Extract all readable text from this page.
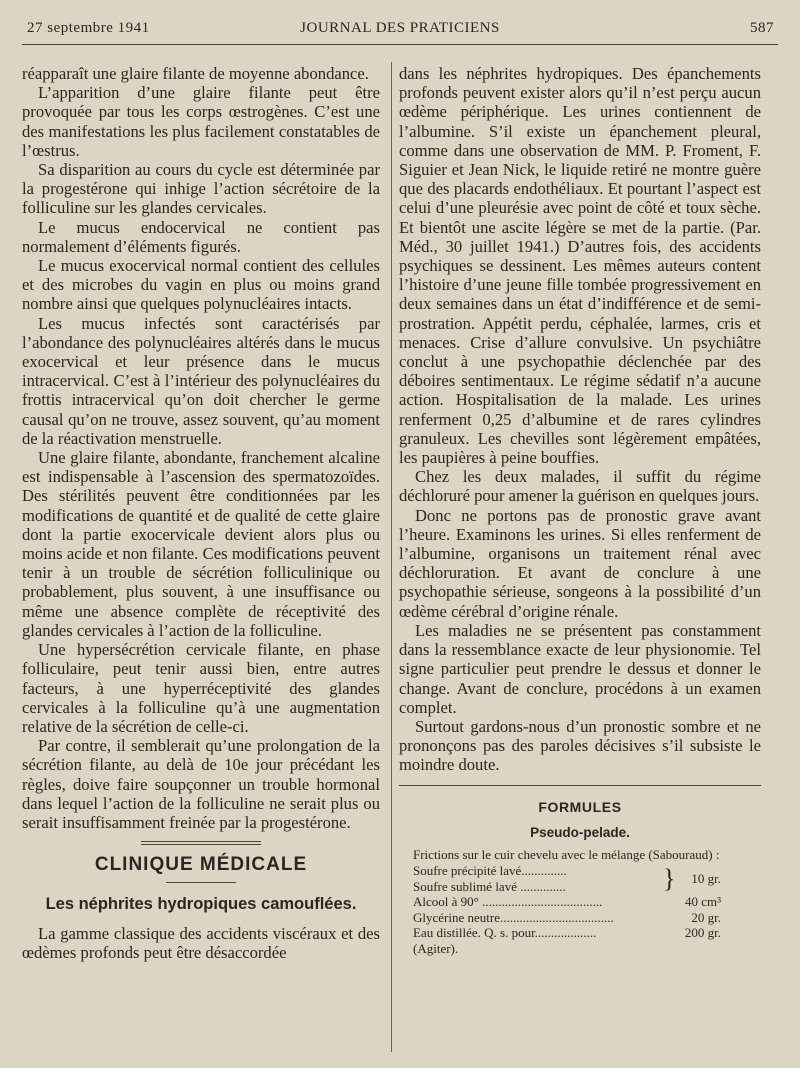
27 septembre 1941	JOURNAL DES PRATICIENS	587

réapparaît une glaire filante de moyenne abondance.

L’apparition d’une glaire filante peut être provoquée par tous les corps œstrogènes. C’est une des manifestations les plus facilement constatables de l’œstrus.

Sa disparition au cours du cycle est déterminée par la progestérone qui inhige l’action sécrétoire de la folliculine sur les glandes cervicales.

Le mucus endocervical ne contient pas normalement d’éléments figurés.

Le mucus exocervical normal contient des cellules et des microbes du vagin en plus ou moins grand nombre ainsi que quelques polynucléaires intacts.

Les mucus infectés sont caractérisés par l’abondance des polynucléaires altérés dans le mucus exocervical et leur présence dans le mucus intracervical. C’est à l’intérieur des polynucléaires du frottis intracervical qu’on doit chercher le germe causal qu’on ne trouve, assez souvent, qu’au moment de la réactivation menstruelle.

Une glaire filante, abondante, franchement alcaline est indispensable à l’ascension des spermatozoïdes. Des stérilités peuvent être conditionnées par les modifications de quantité et de qualité de cette glaire dont la partie exocervicale devient alors plus ou moins acide et non filante. Ces modifications peuvent tenir à un trouble de sécrétion folliculinique ou probablement, plus souvent, à une insuffisance ou même une absence complète de réceptivité des glandes cervicales à l’action de la folliculine.

Une hypersécrétion cervicale filante, en phase folliculaire, peut tenir aussi bien, entre autres facteurs, à une hyperréceptivité des glandes cervicales à la folliculine qu’à une augmentation relative de la sécrétion de celle-ci.

Par contre, il semblerait qu’une prolongation de la sécrétion filante, au delà de 10e jour précédant les règles, doive faire soupçonner un trouble hormonal dans lequel l’action de la folliculine ne serait plus ou serait insuffisamment freinée par la progestérone.

CLINIQUE MÉDICALE
Les néphrites hydropiques camouflées.

La gamme classique des accidents viscéraux et des œdèmes profonds peut être désaccordée

dans les néphrites hydropiques. Des épanchements profonds peuvent exister alors qu’il n’est perçu aucun œdème périphérique. Les urines contiennent de l’albumine. S’il existe un épanchement pleural, comme dans une observation de MM. P. Froment, F. Siguier et Jean Nick, le liquide retiré ne montre guère que des placards endothéliaux. Et pourtant l’aspect est celui d’une pleurésie avec point de côté et toux sèche. Et bientôt une ascite légère se met de la partie. (Par. Méd., 30 juillet 1941.) D’autres fois, des accidents psychiques se dessinent. Les mêmes auteurs content l’histoire d’une jeune fille tombée progressivement en deux semaines dans un état d’indifférence et de semi-prostration. Appétit perdu, céphalée, larmes, cris et menaces. Crise d’allure convulsive. Un psychiâtre conclut à une psychopathie déclenchée par des déboires sentimentaux. Le régime sédatif n’a aucune action. Hospitalisation de la malade. Les urines renferment 0,25 d’albumine et de rares cylindres granuleux. Les chevilles sont légèrement empâtées, les paupières à peine bouffies.

Chez les deux malades, il suffit du régime déchloruré pour amener la guérison en quelques jours.

Donc ne portons pas de pronostic grave avant l’heure. Examinons les urines. Si elles renferment de l’albumine, organisons un traitement rénal avec déchloruration. Et avant de conclure à une psychopathie sérieuse, songeons à la possibilité d’un œdème cérébral d’origine rénale.

Les maladies ne se présentent pas constamment dans la ressemblance exacte de leur physionomie. Tel signe particulier peut prendre le dessus et donner le change. Avant de conclure, procédons à un examen complet.

Surtout gardons-nous d’un pronostic sombre et ne prononçons pas des paroles décisives s’il subsiste le moindre doute.

FORMULES
Pseudo-pelade.
Frictions sur le cuir chevelu avec le mélange (Sabouraud) :
Soufre précipité lavé..............	}	10 gr.
Soufre sublimé lavé ..............		
Alcool à 90° .....................................		40 cm³
Glycérine neutre...................................		20 gr.
Eau distillée. Q. s. pour...................		200 gr.
(Agiter).
